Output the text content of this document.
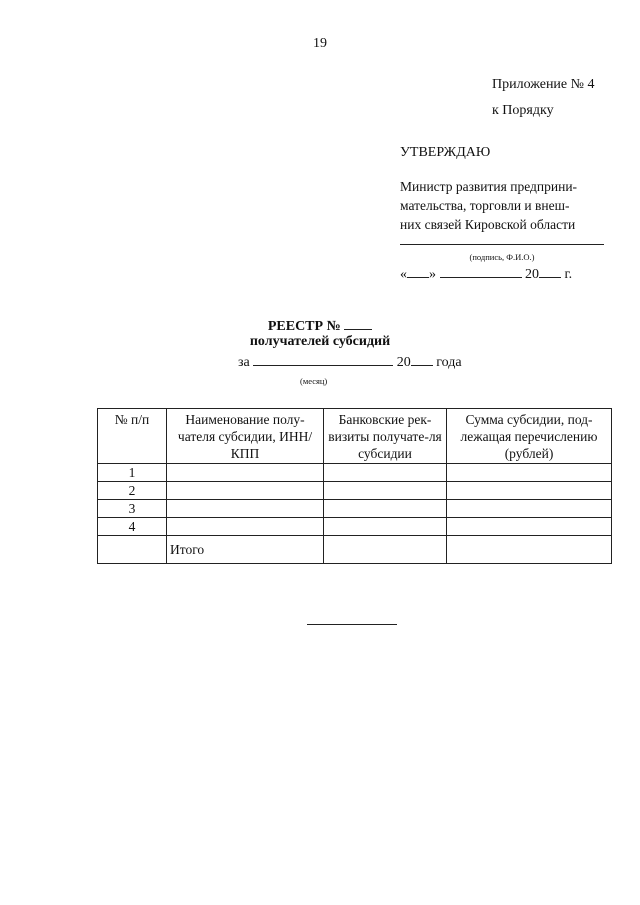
19
Приложение № 4
к Порядку
УТВЕРЖДАЮ
Министр развития предприни-
мательства, торговли и внеш-
них связей Кировской области
(подпись, Ф.И.О.)
« »	20 г.
РЕЕСТР №
получателей субсидий
за	20 года
(месяц)
№ п/п	Наименование полу-чателя субсидии, ИНН/КПП	Банковские рек-визиты получате-ля субсидии	Сумма субсидии, под-лежащая перечислению (рублей)
1			
2			
3			
4			
	Итого		
